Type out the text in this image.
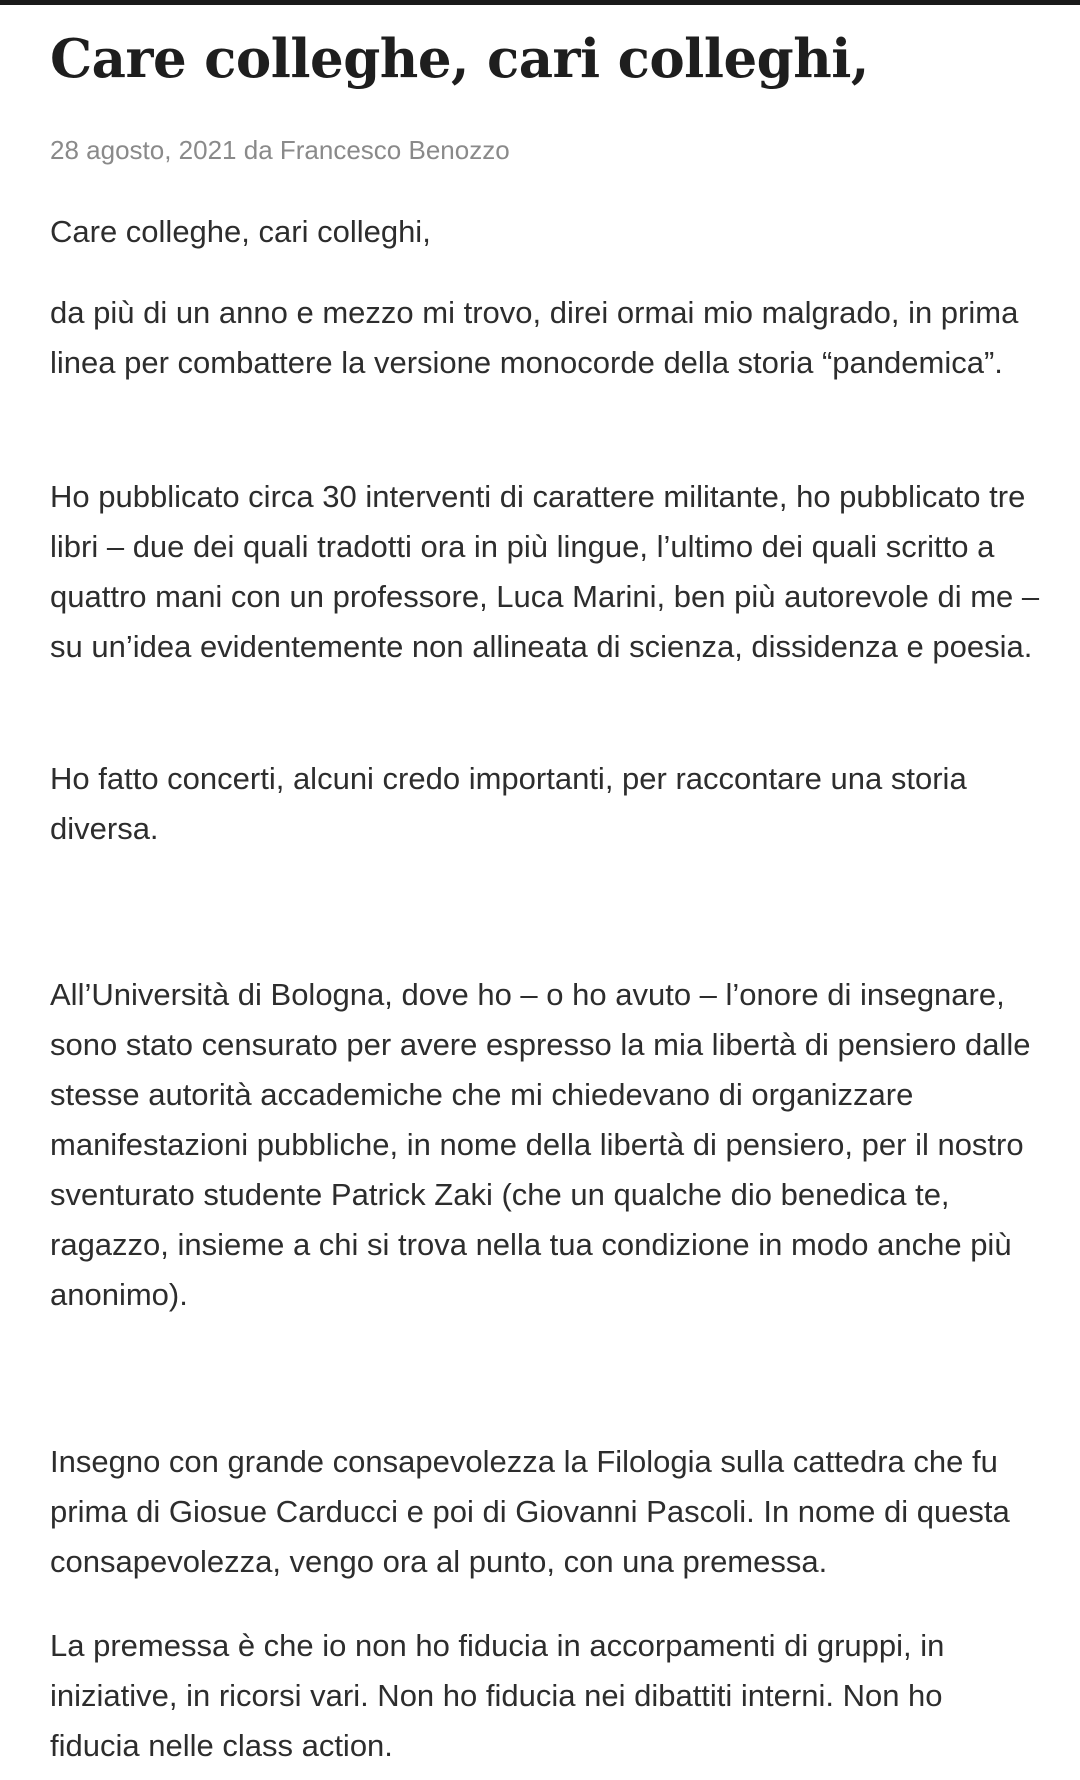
Care colleghe, cari colleghi,
28 agosto, 2021 da Francesco Benozzo

Care colleghe, cari colleghi,

da più di un anno e mezzo mi trovo, direi ormai mio malgrado, in prima linea per combattere la versione monocorde della storia “pandemica”.

Ho pubblicato circa 30 interventi di carattere militante, ho pubblicato tre libri – due dei quali tradotti ora in più lingue, l’ultimo dei quali scritto a quattro mani con un professore, Luca Marini, ben più autorevole di me – su un’idea evidentemente non allineata di scienza, dissidenza e poesia.

Ho fatto concerti, alcuni credo importanti, per raccontare una storia diversa.

All’Università di Bologna, dove ho – o ho avuto – l’onore di insegnare, sono stato censurato per avere espresso la mia libertà di pensiero dalle stesse autorità accademiche che mi chiedevano di organizzare manifestazioni pubbliche, in nome della libertà di pensiero, per il nostro sventurato studente Patrick Zaki (che un qualche dio benedica te, ragazzo, insieme a chi si trova nella tua condizione in modo anche più anonimo).

Insegno con grande consapevolezza la Filologia sulla cattedra che fu prima di Giosue Carducci e poi di Giovanni Pascoli. In nome di questa consapevolezza, vengo ora al punto, con una premessa.

La premessa è che io non ho fiducia in accorpamenti di gruppi, in iniziative, in ricorsi vari. Non ho fiducia nei dibattiti interni. Non ho fiducia nelle class action.
